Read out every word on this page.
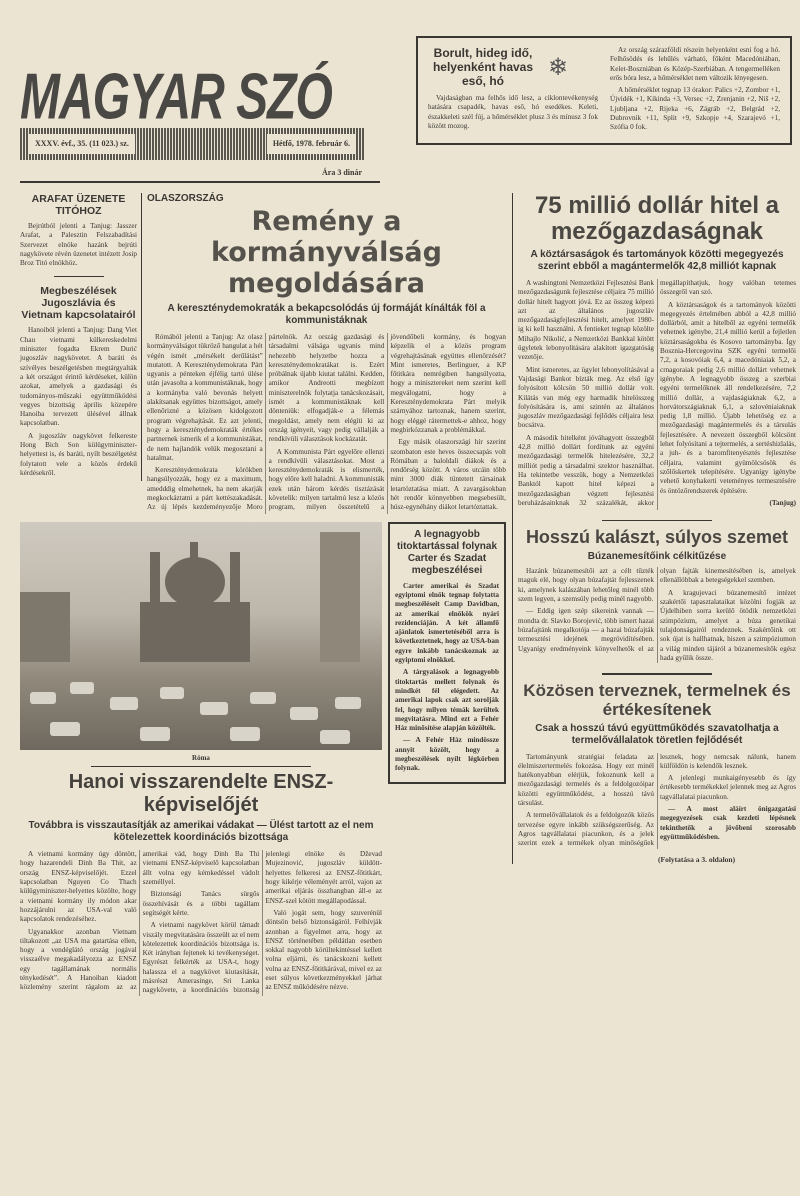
MAGYAR SZÓ
XXXV. évf., 35. (11 023.) sz.	Hétfő, 1978. február 6.
Ára 3 dinár
Borult, hideg idő, helyenként havas eső, hó
❄

Vajdaságban ma felhős idő lesz, a ciklontevékenység hatására csapadék, havas eső, hó esedékes. Keleti, északkeleti szél fúj, a hőmérséklet plusz 3 és mínusz 3 fok között mozog.

Az ország szárazföldi részein helyenként esni fog a hó. Felhősödés és lehűlés várható, főként Macedóniában, Kelet-Boszniában és Közép-Szerbiában. A tengermelléken erős bóra lesz, a hőmérséklet nem változik lényegesen.

A hőmérséklet tegnap 13 órakor: Palics +2, Zombor +1, Újvidék +1, Kikinda +3, Versec +2, Zrenjanin +2, Niš +2, Ljubljana +2, Rijeka +6, Zágráb +2, Belgrád +2, Dubrovnik +11, Split +9, Szkopje +4, Szarajevó +1, Szófia 0 fok.

ARAFAT ÜZENETE TITÓHOZ

Bejrútból jelenti a Tanjug: Jasszer Arafat, a Palesztin Felszabadítási Szervezet elnöke hazánk bejrúti nagykövete révén üzenetet intézett Josip Broz Titó elnökhöz.

Megbeszélések Jugoszlávia és Vietnam kapcsolatairól

Hanoiból jelenti a Tanjug: Dang Viet Chau vietnami külkereskedelmi miniszter fogadta Ekrem Durić jugoszláv nagykövetet. A baráti és szívélyes beszélgetésben megtárgyalták a két országot érintő kérdéseket, külön azokat, amelyek a gazdasági és tudományos-műszaki együttműködési vegyes bizottság április közepére Hanoiba tervezett ülésével állnak kapcsolatban.

A jugoszláv nagykövet felkereste Hong Bich Son külügyminiszter-helyettest is, és baráti, nyílt beszélgetést folytatott vele a közös érdekű kérdésekről.

OLASZORSZÁG
Remény a kormányválság megoldására
A kereszténydemokraták a bekapcsolódás új formáját kínálták föl a kommunistáknak

Rómából jelenti a Tanjug: Az olasz kormányválságot tükröző hangulat a hét végén ismét „mérsékelt derűlátást” mutatott. A Kereszténydemokrata Párt ugyanis a pénteken éjfélig tartó ülése után javasolta a kommunistáknak, hogy a kormányba való bevonás helyett alakítsanak együttes bizottságot, amely ellenőrizné a közösen kidolgozott program végrehajtását. Ez azt jelenti, hogy a kereszténydemokraták értékes partnernek ismerik el a kommunistákat, de nem hajlandók velük megosztani a hatalmat.

Kereszténydemokrata körökben hangsúlyozzák, hogy ez a maximum, amedddig elmehetnek, ha nem akarják megkockáztatni a párt kettészakadását. Az új lépés kezdeményezője Moro pártelnök. Az ország gazdasági és társadalmi válsága ugyanis mind nehezebb helyzetbe hozza a kereszténydemokratákat is. Ezért próbálnak újabb kiutat találni. Kedden, amikor Andreotti megbízott miniszterelnök folytatja tanácskozásait, ismét a kommunistáknak kell dönteniük: elfogadják-e a félemás megoldást, amely nem elégíti ki az ország igényeit, vagy pedig vállalják a rendkívüli választások kockázatát.

A Kommunista Párt egyelőre ellenzi a rendkívüli választásokat. Most a kereszténydemokraták is elismerték, hogy előre kell haladni. A kommunisták ezek után három kérdés tisztázását követelik: milyen tartalmú lesz a közös program, milyen összetételű a jövendőbeli kormány, és hogyan képzelik el a közös program végrehajtásának együttes ellenőrzését? Mint ismeretes, Berlinguer, a KP főtitkára nemrégiben hangsúlyozta, hogy a minisztereket nem szerint kell megválogatni, hogy a Kereszténydemokrata Párt melyik szárnyához tartoznak, hanem szerint, hogy eléggé rátermettek-e ahhoz, hogy megbirkózzanak a problémákkal.

Egy másik olaszországi hír szerint szombaton este heves összecsapás volt Rómában a baloldali diákok és a rendőrség között. A város utcáin több mint 3000 diák tüntetett társainak letartóztatása miatt. A zavargásokban hét rendőr könnyebben megsebesült, húsz-egynéhány diákot letartóztattak.

Róma
Hanoi visszarendelte ENSZ-képviselőjét
Továbbra is visszautasítják az amerikai vádakat — Ülést tartott az el nem kötelezettek koordinációs bizottsága

A vietnami kormány úgy döntött, hogy hazarendeli Dinh Ba Thit, az ország ENSZ-képviselőjét. Ezzel kapcsolatban Nguyen Co Thach külügyminiszter-helyettes közölte, hogy a vietnami kormány ily módon akar hozzájárulni az USA-val való kapcsolatok rendezéséhez.

Ugyanakkor azonban Vietnam tiltakozott „az USA ma gatartása ellen, hogy a vendéglátó ország jogával visszaélve megakadályozza az ENSZ egy tagállamának normális ténykedését”. A Hanoiban kiadott közlemény szerint rágalom az az amerikai vád, hogy Dinh Ba Thi vietnami ENSZ-képviselő kapcsolatban állt volna egy kémkedéssel vádolt személlyel.

Biztonsági Tanács sürgős összehívását és a többi tagállam segítségét kérte.

A vietnami nagykövet körül támadt viszály megvitatására összeült az el nem kötelezettek koordinációs bizottsága is. Két irányban fejtenek ki tevékenységet. Egyrészt felkérték az USA-t, hogy halassza el a nagykövet kiutasítását, másrészt Amerasinge, Sri Lanka nagykövete, a koordinációs bizottság jelenlegi elnöke és Dževad Mujezinović, jugoszláv küldött-helyettes felkeresi az ENSZ-főtitkárt, hogy kikérje véleményét arról, vajon az amerikai eljárás összhangban áll-e az ENSZ-szel kötött megállapodással.

Való jogát sem, hogy szuverénül döntsön belső biztonságáról. Felhívják azonban a figyelmet arra, hogy az ENSZ történetében példátlan esetben sokkal nagyobb körültekintéssel kellett volna eljárni, és tanácskozni kellett volna az ENSZ-főtitkárával, mivel ez az eset súlyos következményekkel járhat az ENSZ működésére nézve.

A legnagyobb titoktartással folynak Carter és Szadat megbeszélései

Carter amerikai és Szadat egyiptomi elnök tegnap folytatta megbeszéléseit Camp Davidban, az amerikai elnökök nyári rezidenciáján. A két államfő ajánlatok ismertetéséből arra is következtetnek, hogy az USA-ban egyre inkább tanácskoznak az egyiptomi elnökkel.

A tárgyalások a legnagyobb titoktartás mellett folynak és mindkét fél elégedett. Az amerikai lapok csak azt sorolják fel, hogy milyen témák kerültek megvitatásra. Mind ezt a Fehér Ház minősítése alapján közölték.

— A Fehér Ház mindössze annyit közölt, hogy a megbeszélések nyílt légkörben folynak.

75 millió dollár hitel a mezőgazdaságnak
A köztársaságok és tartományok közötti megegyezés szerint ebből a magántermelők 42,8 milliót kapnak

A washingtoni Nemzetközi Fejlesztési Bank mezőgazdaságunk fejlesztése céljaira 75 millió dollár hitelt hagyott jóvá. Ez az összeg képezi azt az általános jugoszláv mezőgazdaságfejlesztési hitelt, amelyet 1980-ig ki kell használni. A fentieket tegnap közölte Mihajlo Nikolić, a Nemzetközi Bankkal kötött ügyletek lebonyolítására alakított igazgatóság vezetője.

Mint ismeretes, az ügylet lebonyolításával a Vajdasági Bankot bízták meg. Az első így folyósított kölcsön 50 millió dollár volt. Kilátás van még egy harmadik hitelösszeg folyósítására is, ami szintén az általános jugoszláv mezőgazdasági fejlődés céljaira lesz bocsátva.

A második hitelként jóváhagyott összegből 42,8 millió dollárt fordítunk az egyéni mezőgazdasági termelők hitelezésére, 32,2 milliót pedig a társadalmi szektor használhat. Ha tekintetbe vesszük, hogy a Nemzetközi Banktól kapott hitel képezi a mezőgazdaságban végzett fejlesztési beruházásainknak 32 százalékát, akkor megállapíthatjuk, hogy valóban tetemes összegről van szó.

A köztársaságok és a tartományok közötti megegyezés értelmében abból a 42,8 millió dollárból, amit a hitelből az egyéni termelők vehetnek igénybe, 21,4 millió kerül a fejletlen köztársaságokba és Kosovo tartományba. Így Bosznia-Hercegovina SZK egyéni termelői 7,2, a kosovóiak 6,4, a macedóniaiak 5,2, a crnagoraiak pedig 2,6 millió dollárt vehetnek igénybe. A legnagyobb összeg a szerbiai egyéni termelőknek áll rendelkezésére, 7,2 millió dollár, a vajdaságiaknak 6,2, a horvátországiaknak 6,1, a szlovéniaiaknak pedig 1,8 millió. Újabb lehetőség ez a mezőgazdasági magántermelés és a társulás fejlesztésére. A nevezett összegből kölcsönt lehet folyósítani a tejtermelés, a sertéshizlalás, a juh- és a baromfitenyésztés fejlesztése céljaira, valamint gyümölcsösök és szőlőskertek telepítésére. Ugyanígy igénybe vehető konyhakerti veteményes termesztésére és öntözőrendszerek építésére.

(Tanjug)

Hosszú kalászt, súlyos szemet
Búzanemesítőink célkitűzése

Hazánk búzanemesítői azt a célt tűzték maguk elé, hogy olyan búzafajtát fejlesszenek ki, amelynek kalászában lehetőleg minél több szem legyen, a szemsúly pedig minél nagyobb.

— Eddig igen szép sikereink vannak — mondta dr. Slavko Borojević, több ismert hazai búzafajtánk megalkotója — a hazai búzafajták termesztési idejének megrövidítésében. Ugyanígy eredményeink könyvelhetők el az olyan fajták kinemesítésében is, amelyek ellenállóbbak a betegségekkel szemben.

A kragujevaci búzanemesítő intézet szakértői tapasztalataikat közölni fogják az Újdelhiben sorra kerülő ötödik nemzetközi szimpózium, amelyet a búza genetikai tulajdonságairól rendeznek. Szakértőink ott sok újat is hallhatnak, hiszen a szimpóziumon a világ minden tájáról a búzanemesítők egész hada gyűlik össze.

Közösen terveznek, termelnek és értékesítenek
Csak a hosszú távú együttműködés szavatolhatja a termelővállalatok töretlen fejlődését

Tartományunk stratégiai feladata az élelmiszertermelés fokozása. Hogy ezt minél hatékonyabban elérjük, fokoznunk kell a mezőgazdasági termelés és a feldolgozóipar közötti együttműködést, a hosszú távú társulást.

A termelővállalatok és a feldolgozók közös tervezése egyre inkább szükségszerűség. Az Agros tagvállalatai piacunkon, és a jelek szerint ezek a termékek olyan minőségűek lesznek, hogy nemcsak nálunk, hanem külföldön is kelendők lesznek.

A jelenlegi munkaigényesebb és így értékesebb termékekkel jelennek meg az Agros tagvállalatai piacunkon.

— A most aláírt önigazgatási megegyezések csak kezdeti lépésnek tekinthetők a jövőbeni szorosabb együttműködésben.

(Folytatása a 3. oldalon)
